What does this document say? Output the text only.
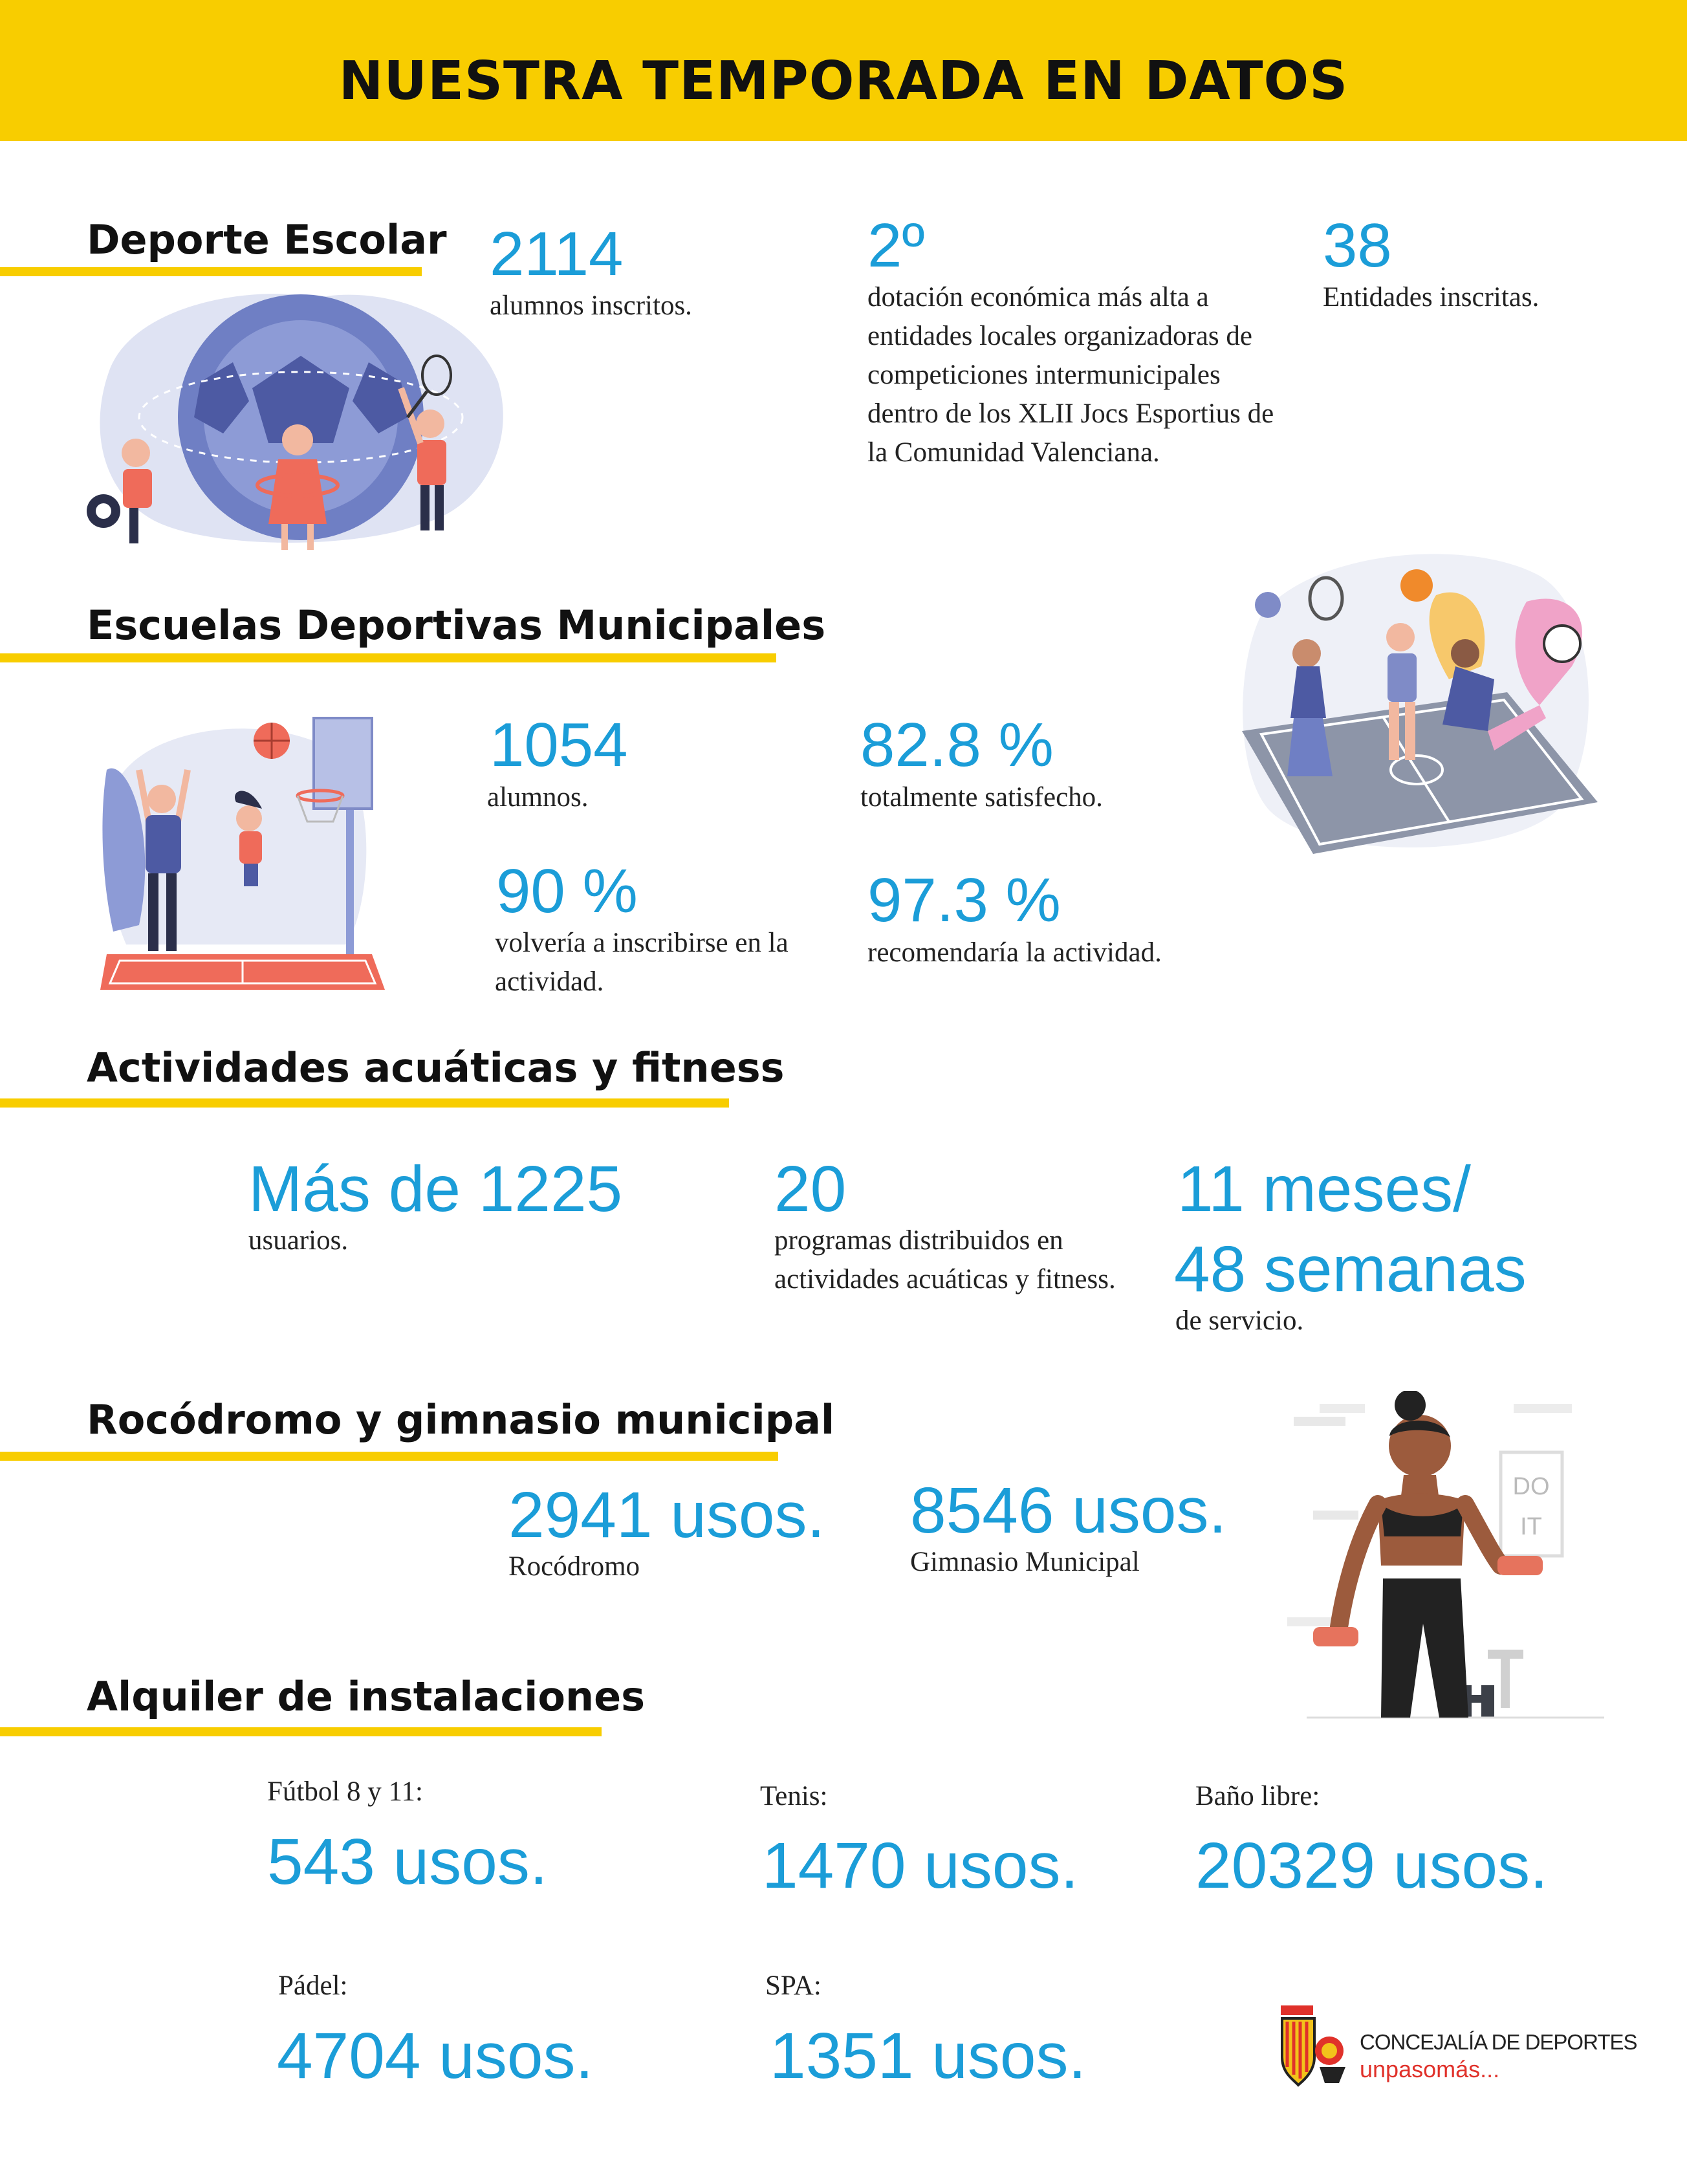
NUESTRA TEMPORADA EN DATOS
Deporte Escolar 2114
alumnos inscritos.
2º
dotación económica más alta a entidades locales organizadoras de competiciones intermunicipales dentro de los XLII Jocs Esportius de la Comunidad Valenciana.
38
Entidades inscritas.
Escuelas Deportivas Municipales
1054
alumnos.
82.8 %
totalmente satisfecho.
90 %
volvería a inscribirse en la actividad.
97.3 %
recomendaría la actividad.
Actividades acuáticas y fitness
Más de 1225
usuarios.
20
programas distribuidos en actividades acuáticas y fitness.
11 meses/
48 semanas
de servicio.
Rocódromo y gimnasio municipal
2941 usos.
Rocódromo
8546 usos.
Gimnasio Municipal
DO
IT
Alquiler de instalaciones
Fútbol 8 y 11:
543 usos.
Tenis:
1470 usos.
Baño libre:
20329 usos.
Pádel:
4704 usos.
SPA:
1351 usos.	CONCEJALÍA DE DEPORTES
unpasomás...
